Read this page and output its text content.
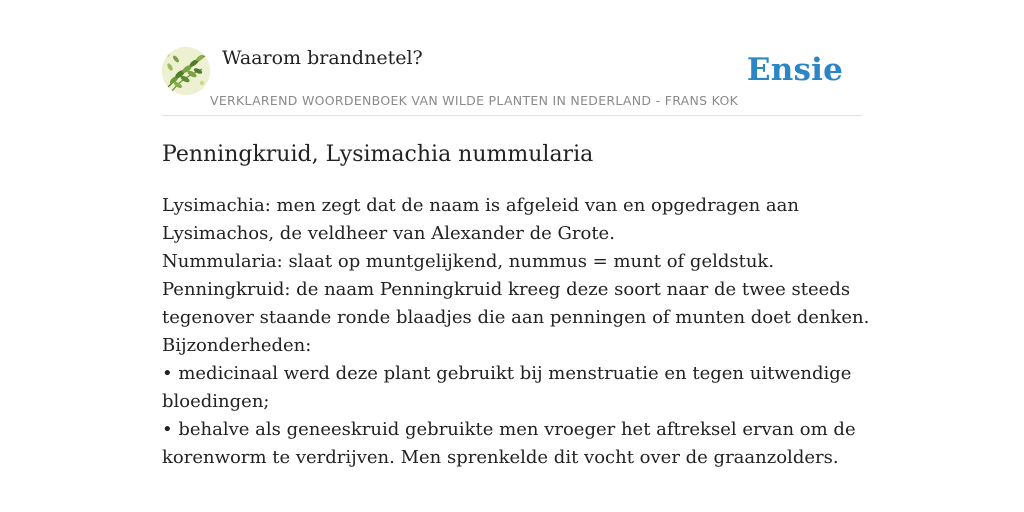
Waarom brandnetel?	Ensie
VERKLAREND WOORDENBOEK VAN WILDE PLANTEN IN NEDERLAND - FRANS KOK
Penningkruid, Lysimachia nummularia
Lysimachia: men zegt dat de naam is afgeleid van en opgedragen aan
Lysimachos, de veldheer van Alexander de Grote.
Nummularia: slaat op muntgelijkend, nummus = munt of geldstuk.
Penningkruid: de naam Penningkruid kreeg deze soort naar de twee steeds
tegenover staande ronde blaadjes die aan penningen of munten doet denken.
Bijzonderheden:
• medicinaal werd deze plant gebruikt bij menstruatie en tegen uitwendige
bloedingen;
• behalve als geneeskruid gebruikte men vroeger het aftreksel ervan om de
korenworm te verdrijven. Men sprenkelde dit vocht over de graanzolders.
